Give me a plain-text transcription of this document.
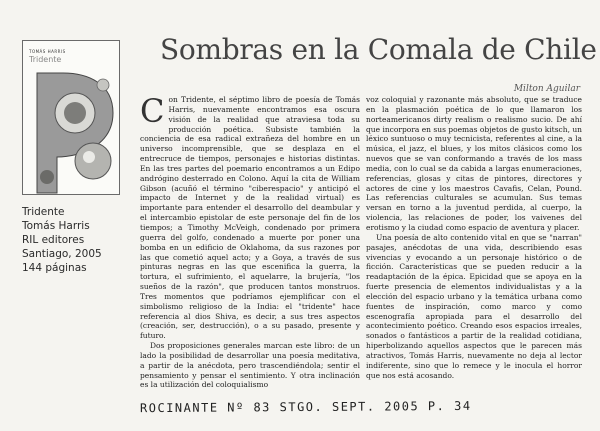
TOMÁS HARRIS
Tridente
Tridente
Tomás Harris
RIL editores
Santiago, 2005
144 páginas
Sombras en la Comala de Chile
Milton Aguilar

Con Tridente, el séptimo libro de poesía de Tomás Harris, nuevamente encontramos esa oscura visión de la realidad que atraviesa toda su producción poética. Subsiste también la conciencia de esa radical extrañeza del hombre en un universo incomprensible, que se desplaza en el entrecruce de tiempos, personajes e historias distintas. En las tres partes del poemario encontramos a un Edipo andrógino desterrado en Colono. Aquí la cita de William Gibson (acuñó el término "ciberespacio" y anticipó el impacto de Internet y de la realidad virtual) es importante para entender el desarrollo del deambular y el intercambio epistolar de este personaje del fin de los tiempos; a Timothy McVeigh, condenado por primera guerra del golfo, condenado a muerte por poner una bomba en un edificio de Oklahoma, da sus razones por las que cometió aquel acto; y a Goya, a través de sus pinturas negras en las que escenifica la guerra, la tortura, el sufrimiento, el aquelarre, la brujería, "los sueños de la razón", que producen tantos monstruos. Tres momentos que podríamos ejemplificar con el simbolismo religioso de la India: el "tridente" hace referencia al dios Shiva, es decir, a sus tres aspectos (creación, ser, destrucción), o a su pasado, presente y futuro.

Dos proposiciones generales marcan este libro: de un lado la posibilidad de desarrollar una poesía meditativa, a partir de la anécdota, pero trascendiéndola; sentir el pensamiento y pensar el sentimiento. Y otra inclinación es la utilización del coloquialismo

voz coloquial y razonante más absoluto, que se traduce en la plasmación poética de lo que llamaron los norteamericanos dirty realism o realismo sucio. De ahí que incorpora en sus poemas objetos de gusto kitsch, un léxico suntuoso o muy tecnicista, referentes al cine, a la música, el jazz, el blues, y los mitos clásicos como los nuevos que se van conformando a través de los mass media, con lo cual se da cabida a largas enumeraciones, referencias, glosas y citas de pintores, directores y actores de cine y los maestros Cavafis, Celan, Pound. Las referencias culturales se acumulan. Sus temas versan en torno a la juventud perdida, al cuerpo, la violencia, las relaciones de poder, los vaivenes del erotismo y la ciudad como espacio de aventura y placer.

Una poesía de alto contenido vital en que se "narran" pasajes, anécdotas de una vida, describiendo esas vivencias y evocando a un personaje histórico o de ficción. Características que se pueden reducir a la readaptación de la épica. Epicidad que se apoya en la fuerte presencia de elementos individualistas y a la elección del espacio urbano y la temática urbana como fuentes de inspiración, como marco y como escenografía apropiada para el desarrollo del acontecimiento poético. Creando esos espacios irreales, sonados o fantásticos a partir de la realidad cotidiana, hiperbolizando aquellos aspectos que le parecen más atractivos, Tomás Harris, nuevamente no deja al lector indiferente, sino que lo remece y le inocula el horror que nos está acosando.

ROCINANTE Nº 83 STGO. SEPT. 2005 P. 34
